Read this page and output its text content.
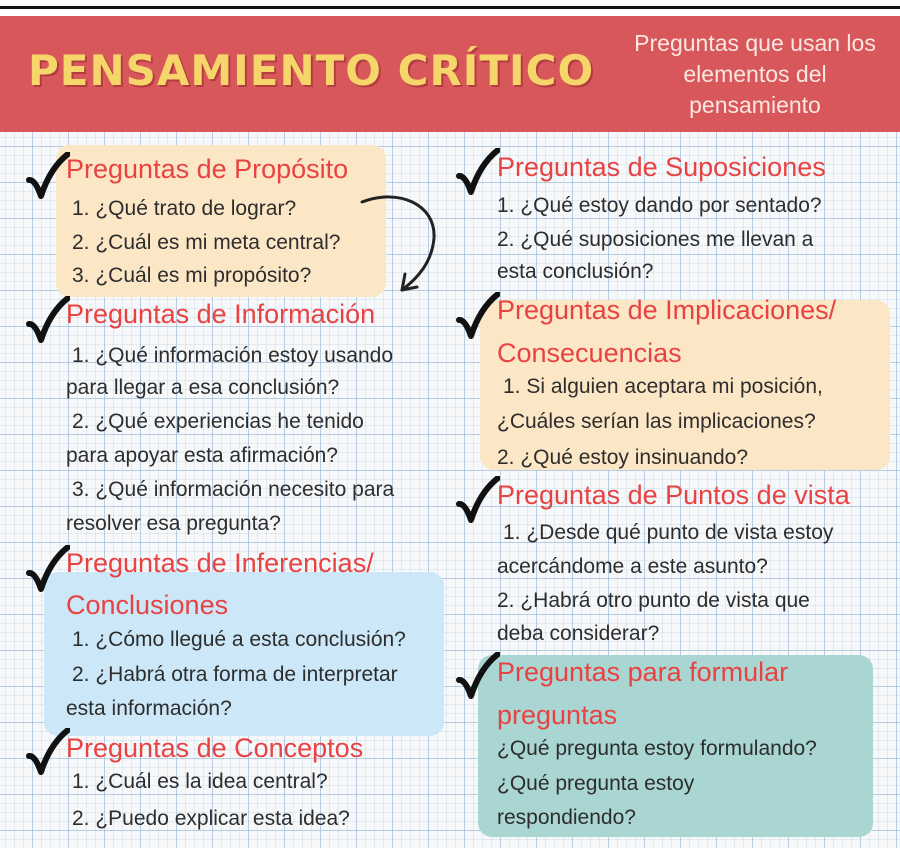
PENSAMIENTO CRÍTICO
Preguntas que usan los
elementos del
pensamiento
Preguntas de Propósito
1. ¿Qué trato de lograr?
2. ¿Cuál es mi meta central?
3. ¿Cuál es mi propósito?
Preguntas de Información
1. ¿Qué información estoy usando
para llegar a esa conclusión?
2. ¿Qué experiencias he tenido
para apoyar esta afirmación?
3. ¿Qué información necesito para
resolver esa pregunta?
Preguntas de Inferencias/
Conclusiones
1. ¿Cómo llegué a esta conclusión?
2. ¿Habrá otra forma de interpretar
esta información?
Preguntas de Conceptos
1. ¿Cuál es la idea central?
2. ¿Puedo explicar esta idea?
Preguntas de Suposiciones
1. ¿Qué estoy dando por sentado?
2. ¿Qué suposiciones me llevan a
esta conclusión?
Preguntas de Implicaciones/
Consecuencias
1. Si alguien aceptara mi posición,
¿Cuáles serían las implicaciones?
2. ¿Qué estoy insinuando?
Preguntas de Puntos de vista
1. ¿Desde qué punto de vista estoy
acercándome a este asunto?
2. ¿Habrá otro punto de vista que
deba considerar?
Preguntas para formular
preguntas
¿Qué pregunta estoy formulando?
¿Qué pregunta estoy
respondiendo?
